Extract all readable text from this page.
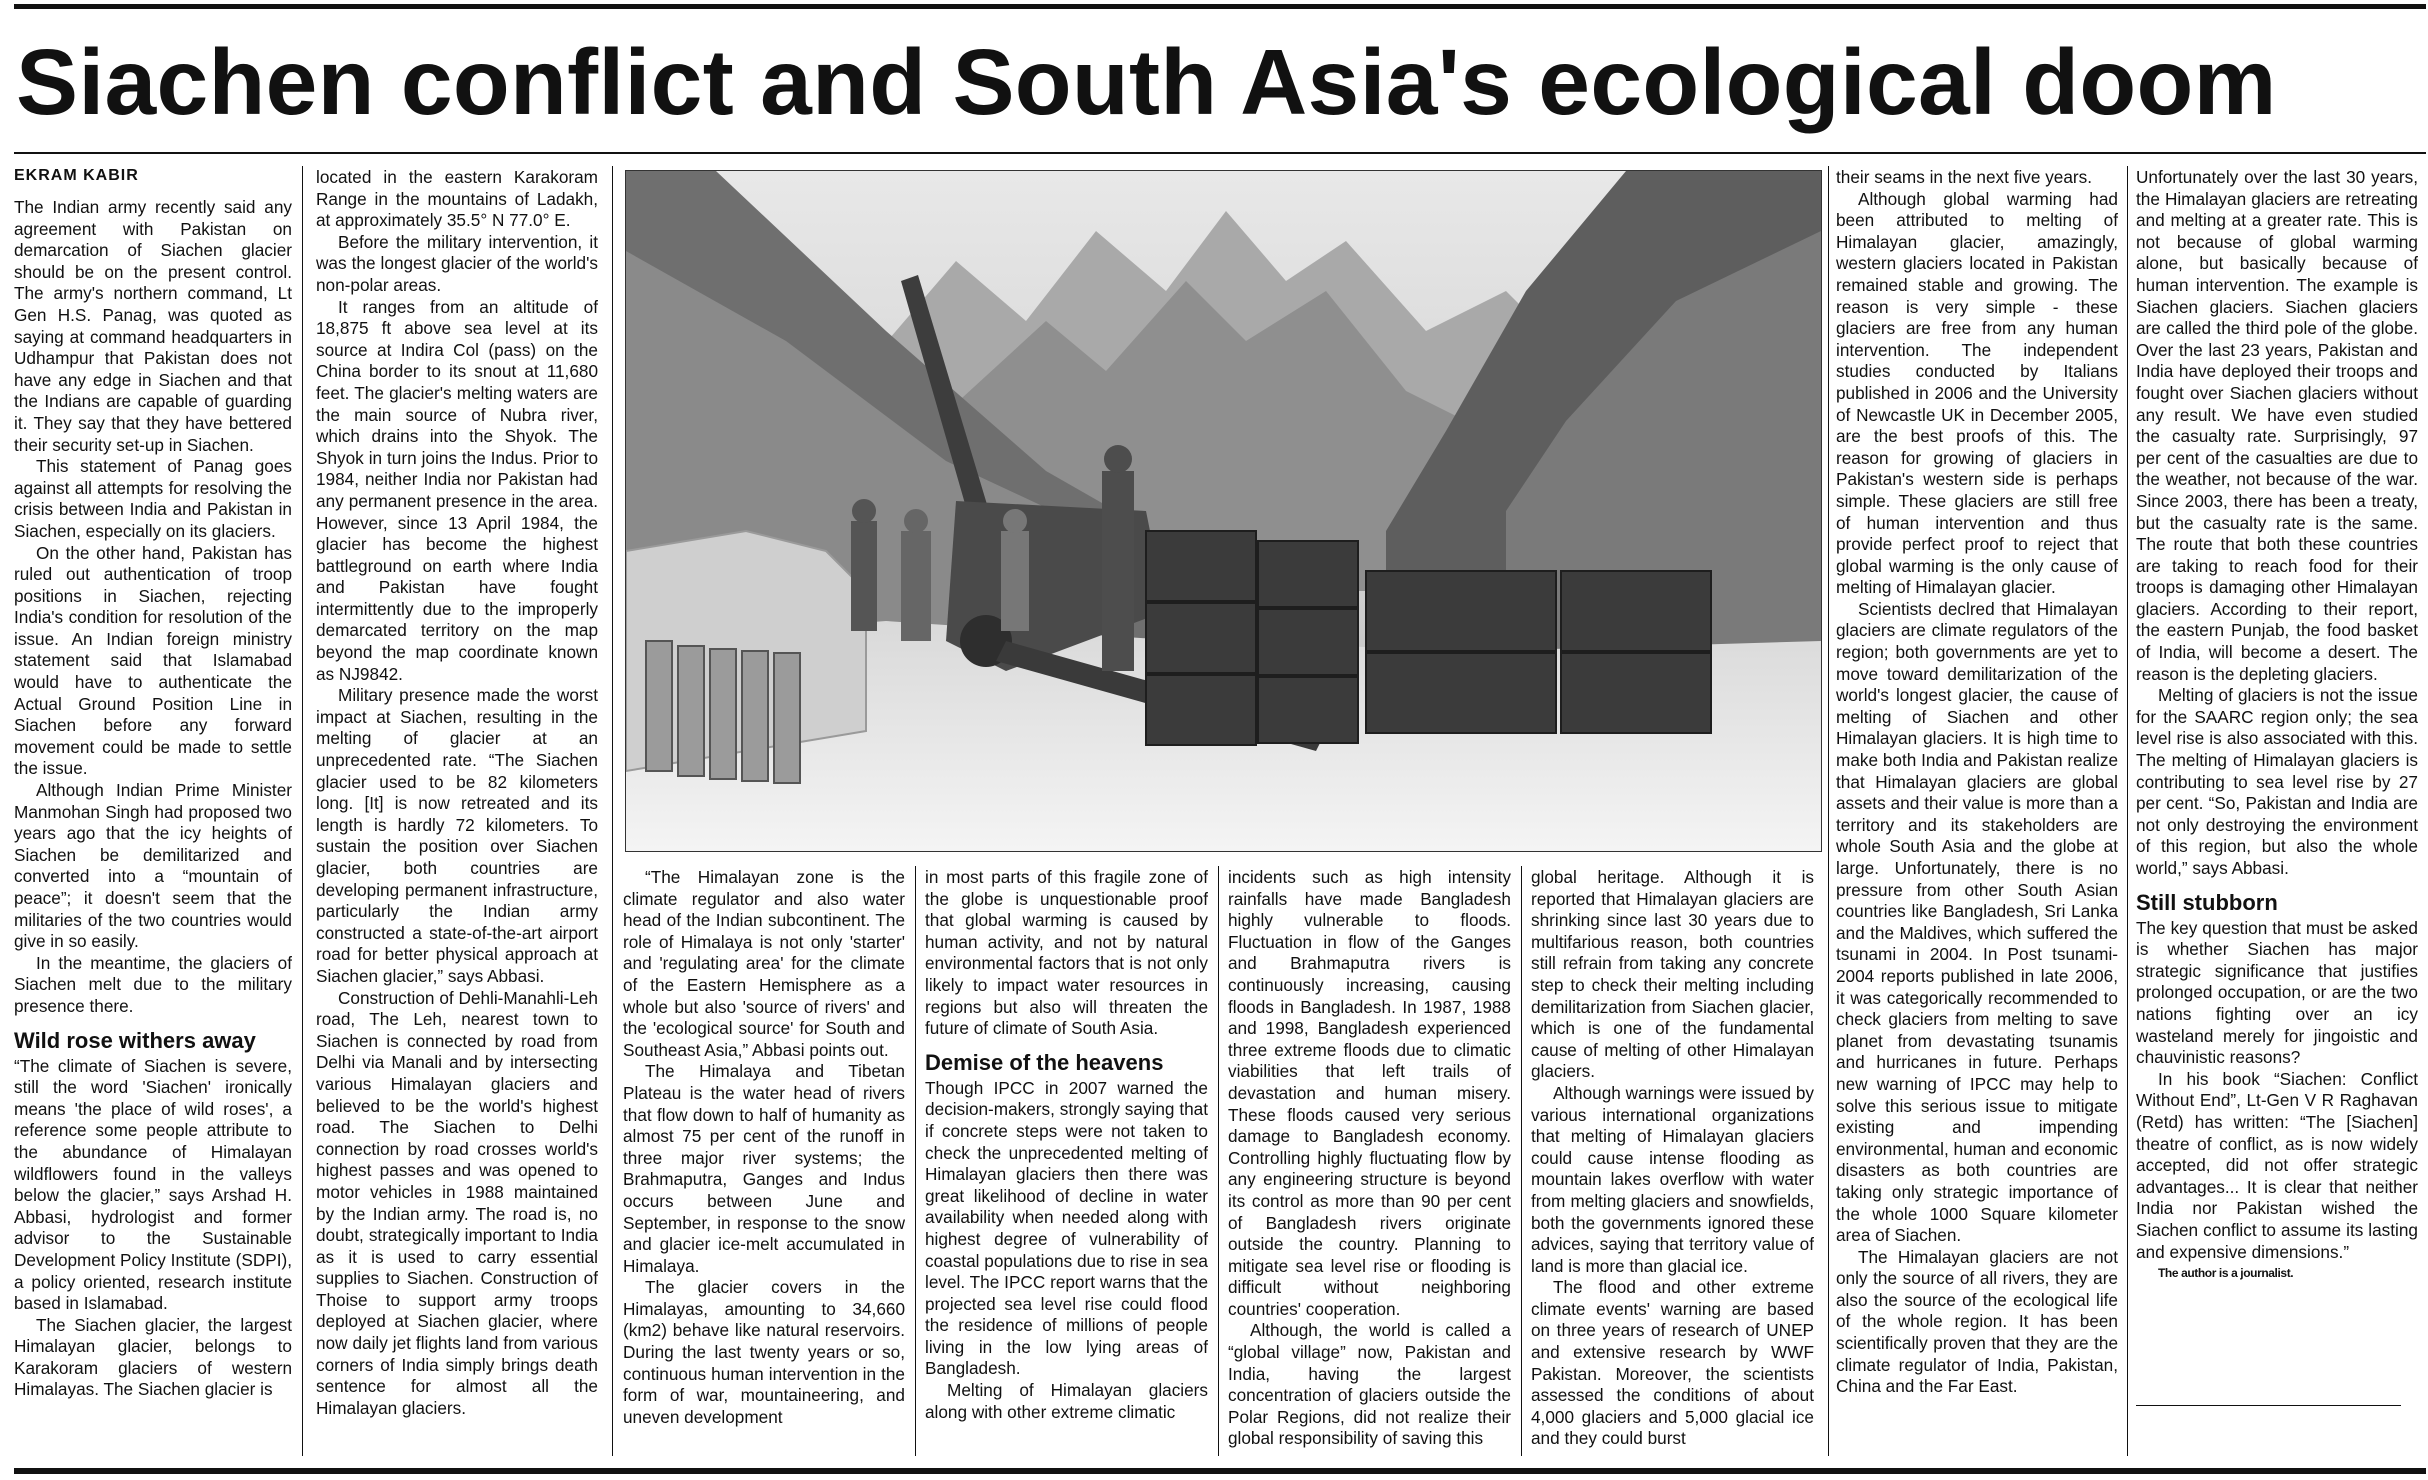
Siachen conflict and South Asia's ecological doom
EKRAM KABIR

The Indian army recently said any agreement with Pakistan on demarcation of Siachen glacier should be on the present control. The army's northern command, Lt Gen H.S. Panag, was quoted as saying at command headquarters in Udhampur that Pakistan does not have any edge in Siachen and that the Indians are capable of guarding it. They say that they have bettered their security set-up in Siachen.

This statement of Panag goes against all attempts for resolving the crisis between India and Pakistan in Siachen, especially on its glaciers.

On the other hand, Pakistan has ruled out authentication of troop positions in Siachen, rejecting India's condition for resolution of the issue. An Indian foreign ministry statement said that Islamabad would have to authenticate the Actual Ground Position Line in Siachen before any forward movement could be made to settle the issue.

Although Indian Prime Minister Manmohan Singh had proposed two years ago that the icy heights of Siachen be demilitarized and converted into a “mountain of peace”; it doesn't seem that the militaries of the two countries would give in so easily.

In the meantime, the glaciers of Siachen melt due to the military presence there.

Wild rose withers away

“The climate of Siachen is severe, still the word 'Siachen' ironically means 'the place of wild roses', a reference some people attribute to the abundance of Himalayan wildflowers found in the valleys below the glacier,” says Arshad H. Abbasi, hydrologist and former advisor to the Sustainable Development Policy Institute (SDPI), a policy oriented, research institute based in Islamabad.

The Siachen glacier, the largest Himalayan glacier, belongs to Karakoram glaciers of western Himalayas. The Siachen glacier is

located in the eastern Karakoram Range in the mountains of Ladakh, at approximately 35.5° N 77.0° E.

Before the military intervention, it was the longest glacier of the world's non-polar areas.

It ranges from an altitude of 18,875 ft above sea level at its source at Indira Col (pass) on the China border to its snout at 11,680 feet. The glacier's melting waters are the main source of Nubra river, which drains into the Shyok. The Shyok in turn joins the Indus. Prior to 1984, neither India nor Pakistan had any permanent presence in the area. However, since 13 April 1984, the glacier has become the highest battleground on earth where India and Pakistan have fought intermittently due to the improperly demarcated territory on the map beyond the map coordinate known as NJ9842.

Military presence made the worst impact at Siachen, resulting in the melting of glacier at an unprecedented rate. “The Siachen glacier used to be 82 kilometers long. [It] is now retreated and its length is hardly 72 kilometers. To sustain the position over Siachen glacier, both countries are developing permanent infrastructure, particularly the Indian army constructed a state-of-the-art airport road for better physical approach at Siachen glacier,” says Abbasi.

Construction of Dehli-Manahli-Leh road, The Leh, nearest town to Siachen is connected by road from Delhi via Manali and by intersecting various Himalayan glaciers and believed to be the world's highest road. The Siachen to Delhi connection by road crosses world's highest passes and was opened to motor vehicles in 1988 maintained by the Indian army. The road is, no doubt, strategically important to India as it is used to carry essential supplies to Siachen. Construction of Thoise to support army troops deployed at Siachen glacier, where now daily jet flights land from various corners of India simply brings death sentence for almost all the Himalayan glaciers.

“The Himalayan zone is the climate regulator and also water head of the Indian subcontinent. The role of Himalaya is not only 'starter' and 'regulating area' for the climate of the Eastern Hemisphere as a whole but also 'source of rivers' and the 'ecological source' for South and Southeast Asia,” Abbasi points out.

The Himalaya and Tibetan Plateau is the water head of rivers that flow down to half of humanity as almost 75 per cent of the runoff in three major river systems; the Brahmaputra, Ganges and Indus occurs between June and September, in response to the snow and glacier ice-melt accumulated in Himalaya.

The glacier covers in the Himalayas, amounting to 34,660 (km2) behave like natural reservoirs. During the last twenty years or so, continuous human intervention in the form of war, mountaineering, and uneven development

in most parts of this fragile zone of the globe is unquestionable proof that global warming is caused by human activity, and not by natural environmental factors that is not only likely to impact water resources in regions but also will threaten the future of climate of South Asia.

Demise of the heavens

Though IPCC in 2007 warned the decision-makers, strongly saying that if concrete steps were not taken to check the unprecedented melting of Himalayan glaciers then there was great likelihood of decline in water availability when needed along with highest degree of vulnerability of coastal populations due to rise in sea level. The IPCC report warns that the projected sea level rise could flood the residence of millions of people living in the low lying areas of Bangladesh.

Melting of Himalayan glaciers along with other extreme climatic

incidents such as high intensity rainfalls have made Bangladesh highly vulnerable to floods. Fluctuation in flow of the Ganges and Brahmaputra rivers is continuously increasing, causing floods in Bangladesh. In 1987, 1988 and 1998, Bangladesh experienced three extreme floods due to climatic viabilities that left trails of devastation and human misery. These floods caused very serious damage to Bangladesh economy. Controlling highly fluctuating flow by any engineering structure is beyond its control as more than 90 per cent of Bangladesh rivers originate outside the country. Planning to mitigate sea level rise or flooding is difficult without neighboring countries' cooperation.

Although, the world is called a “global village” now, Pakistan and India, having the largest concentration of glaciers outside the Polar Regions, did not realize their global responsibility of saving this

global heritage. Although it is reported that Himalayan glaciers are shrinking since last 30 years due to multifarious reason, both countries still refrain from taking any concrete step to check their melting including demilitarization from Siachen glacier, which is one of the fundamental cause of melting of other Himalayan glaciers.

Although warnings were issued by various international organizations that melting of Himalayan glaciers could cause intense flooding as mountain lakes overflow with water from melting glaciers and snowfields, both the governments ignored these advices, saying that territory value of land is more than glacial ice.

The flood and other extreme climate events' warning are based on three years of research of UNEP and extensive research by WWF Pakistan. Moreover, the scientists assessed the conditions of about 4,000 glaciers and 5,000 glacial ice and they could burst

their seams in the next five years.

Although global warming had been attributed to melting of Himalayan glacier, amazingly, western glaciers located in Pakistan remained stable and growing. The reason is very simple - these glaciers are free from any human intervention. The independent studies conducted by Italians published in 2006 and the University of Newcastle UK in December 2005, are the best proofs of this. The reason for growing of glaciers in Pakistan's western side is perhaps simple. These glaciers are still free of human intervention and thus provide perfect proof to reject that global warming is the only cause of melting of Himalayan glacier.

Scientists declred that Himalayan glaciers are climate regulators of the region; both governments are yet to move toward demilitarization of the world's longest glacier, the cause of melting of Siachen and other Himalayan glaciers. It is high time to make both India and Pakistan realize that Himalayan glaciers are global assets and their value is more than a territory and its stakeholders are whole South Asia and the globe at large. Unfortunately, there is no pressure from other South Asian countries like Bangladesh, Sri Lanka and the Maldives, which suffered the tsunami in 2004. In Post tsunami-2004 reports published in late 2006, it was categorically recommended to check glaciers from melting to save planet from devastating tsunamis and hurricanes in future. Perhaps new warning of IPCC may help to solve this serious issue to mitigate existing and impending environmental, human and economic disasters as both countries are taking only strategic importance of the whole 1000 Square kilometer area of Siachen.

The Himalayan glaciers are not only the source of all rivers, they are also the source of the ecological life of the whole region. It has been scientifically proven that they are the climate regulator of India, Pakistan, China and the Far East.

Unfortunately over the last 30 years, the Himalayan glaciers are retreating and melting at a greater rate. This is not because of global warming alone, but basically because of human intervention. The example is Siachen glaciers. Siachen glaciers are called the third pole of the globe. Over the last 23 years, Pakistan and India have deployed their troops and fought over Siachen glaciers without any result. We have even studied the casualty rate. Surprisingly, 97 per cent of the casualties are due to the weather, not because of the war. Since 2003, there has been a treaty, but the casualty rate is the same. The route that both these countries are taking to reach food for their troops is damaging other Himalayan glaciers. According to their report, the eastern Punjab, the food basket of India, will become a desert. The reason is the depleting glaciers.

Melting of glaciers is not the issue for the SAARC region only; the sea level rise is also associated with this. The melting of Himalayan glaciers is contributing to sea level rise by 27 per cent. “So, Pakistan and India are not only destroying the environment of this region, but also the whole world,” says Abbasi.

Still stubborn

The key question that must be asked is whether Siachen has major strategic significance that justifies prolonged occupation, or are the two nations fighting over an icy wasteland merely for jingoistic and chauvinistic reasons?

In his book “Siachen: Conflict Without End”, Lt-Gen V R Raghavan (Retd) has written: “The [Siachen] theatre of conflict, as is now widely accepted, did not offer strategic advantages... It is clear that neither India nor Pakistan wished the Siachen conflict to assume its lasting and expensive dimensions.”

The author is a journalist.
